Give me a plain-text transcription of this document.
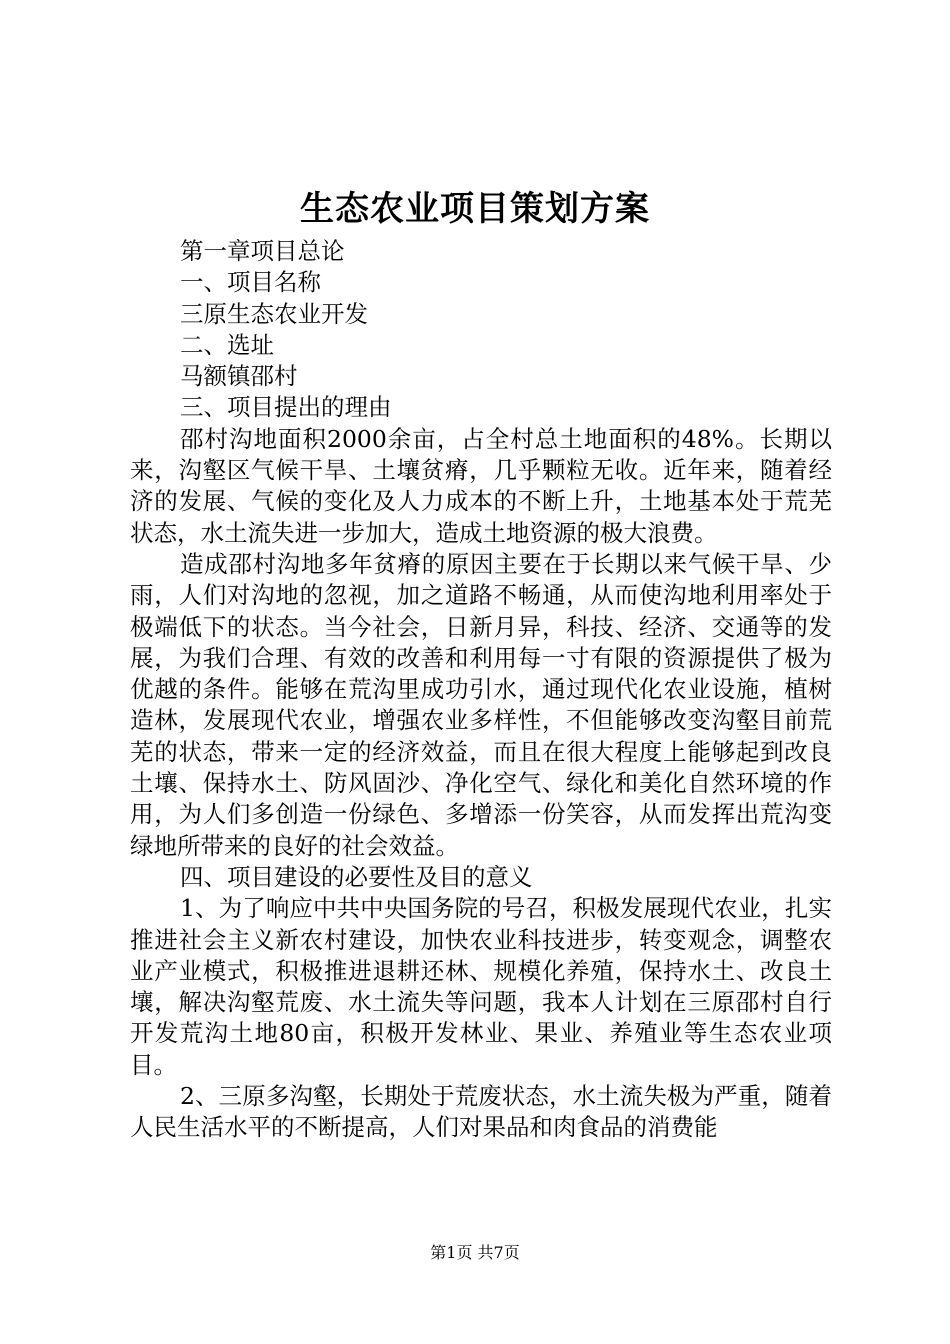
生态农业项目策划方案
第一章项目总论
一、项目名称
三原生态农业开发
二、选址
马额镇邵村
三、项目提出的理由

邵村沟地面积2000余亩，占全村总土地面积的48%。长期以来，沟壑区气候干旱、土壤贫瘠，几乎颗粒无收。近年来，随着经济的发展、气候的变化及人力成本的不断上升，土地基本处于荒芜状态，水土流失进一步加大，造成土地资源的极大浪费。

造成邵村沟地多年贫瘠的原因主要在于长期以来气候干旱、少雨，人们对沟地的忽视，加之道路不畅通，从而使沟地利用率处于极端低下的状态。当今社会，日新月异，科技、经济、交通等的发展，为我们合理、有效的改善和利用每一寸有限的资源提供了极为优越的条件。能够在荒沟里成功引水，通过现代化农业设施，植树造林，发展现代农业，增强农业多样性，不但能够改变沟壑目前荒芜的状态，带来一定的经济效益，而且在很大程度上能够起到改良土壤、保持水土、防风固沙、净化空气、绿化和美化自然环境的作用，为人们多创造一份绿色、多增添一份笑容，从而发挥出荒沟变绿地所带来的良好的社会效益。

四、项目建设的必要性及目的意义

1、为了响应中共中央国务院的号召，积极发展现代农业，扎实推进社会主义新农村建设，加快农业科技进步，转变观念，调整农业产业模式，积极推进退耕还林、规模化养殖，保持水土、改良土壤，解决沟壑荒废、水土流失等问题，我本人计划在三原邵村自行开发荒沟土地80亩，积极开发林业、果业、养殖业等生态农业项目。

2、三原多沟壑，长期处于荒废状态，水土流失极为严重，随着人民生活水平的不断提高，人们对果品和肉食品的消费能

第1页 共7页
